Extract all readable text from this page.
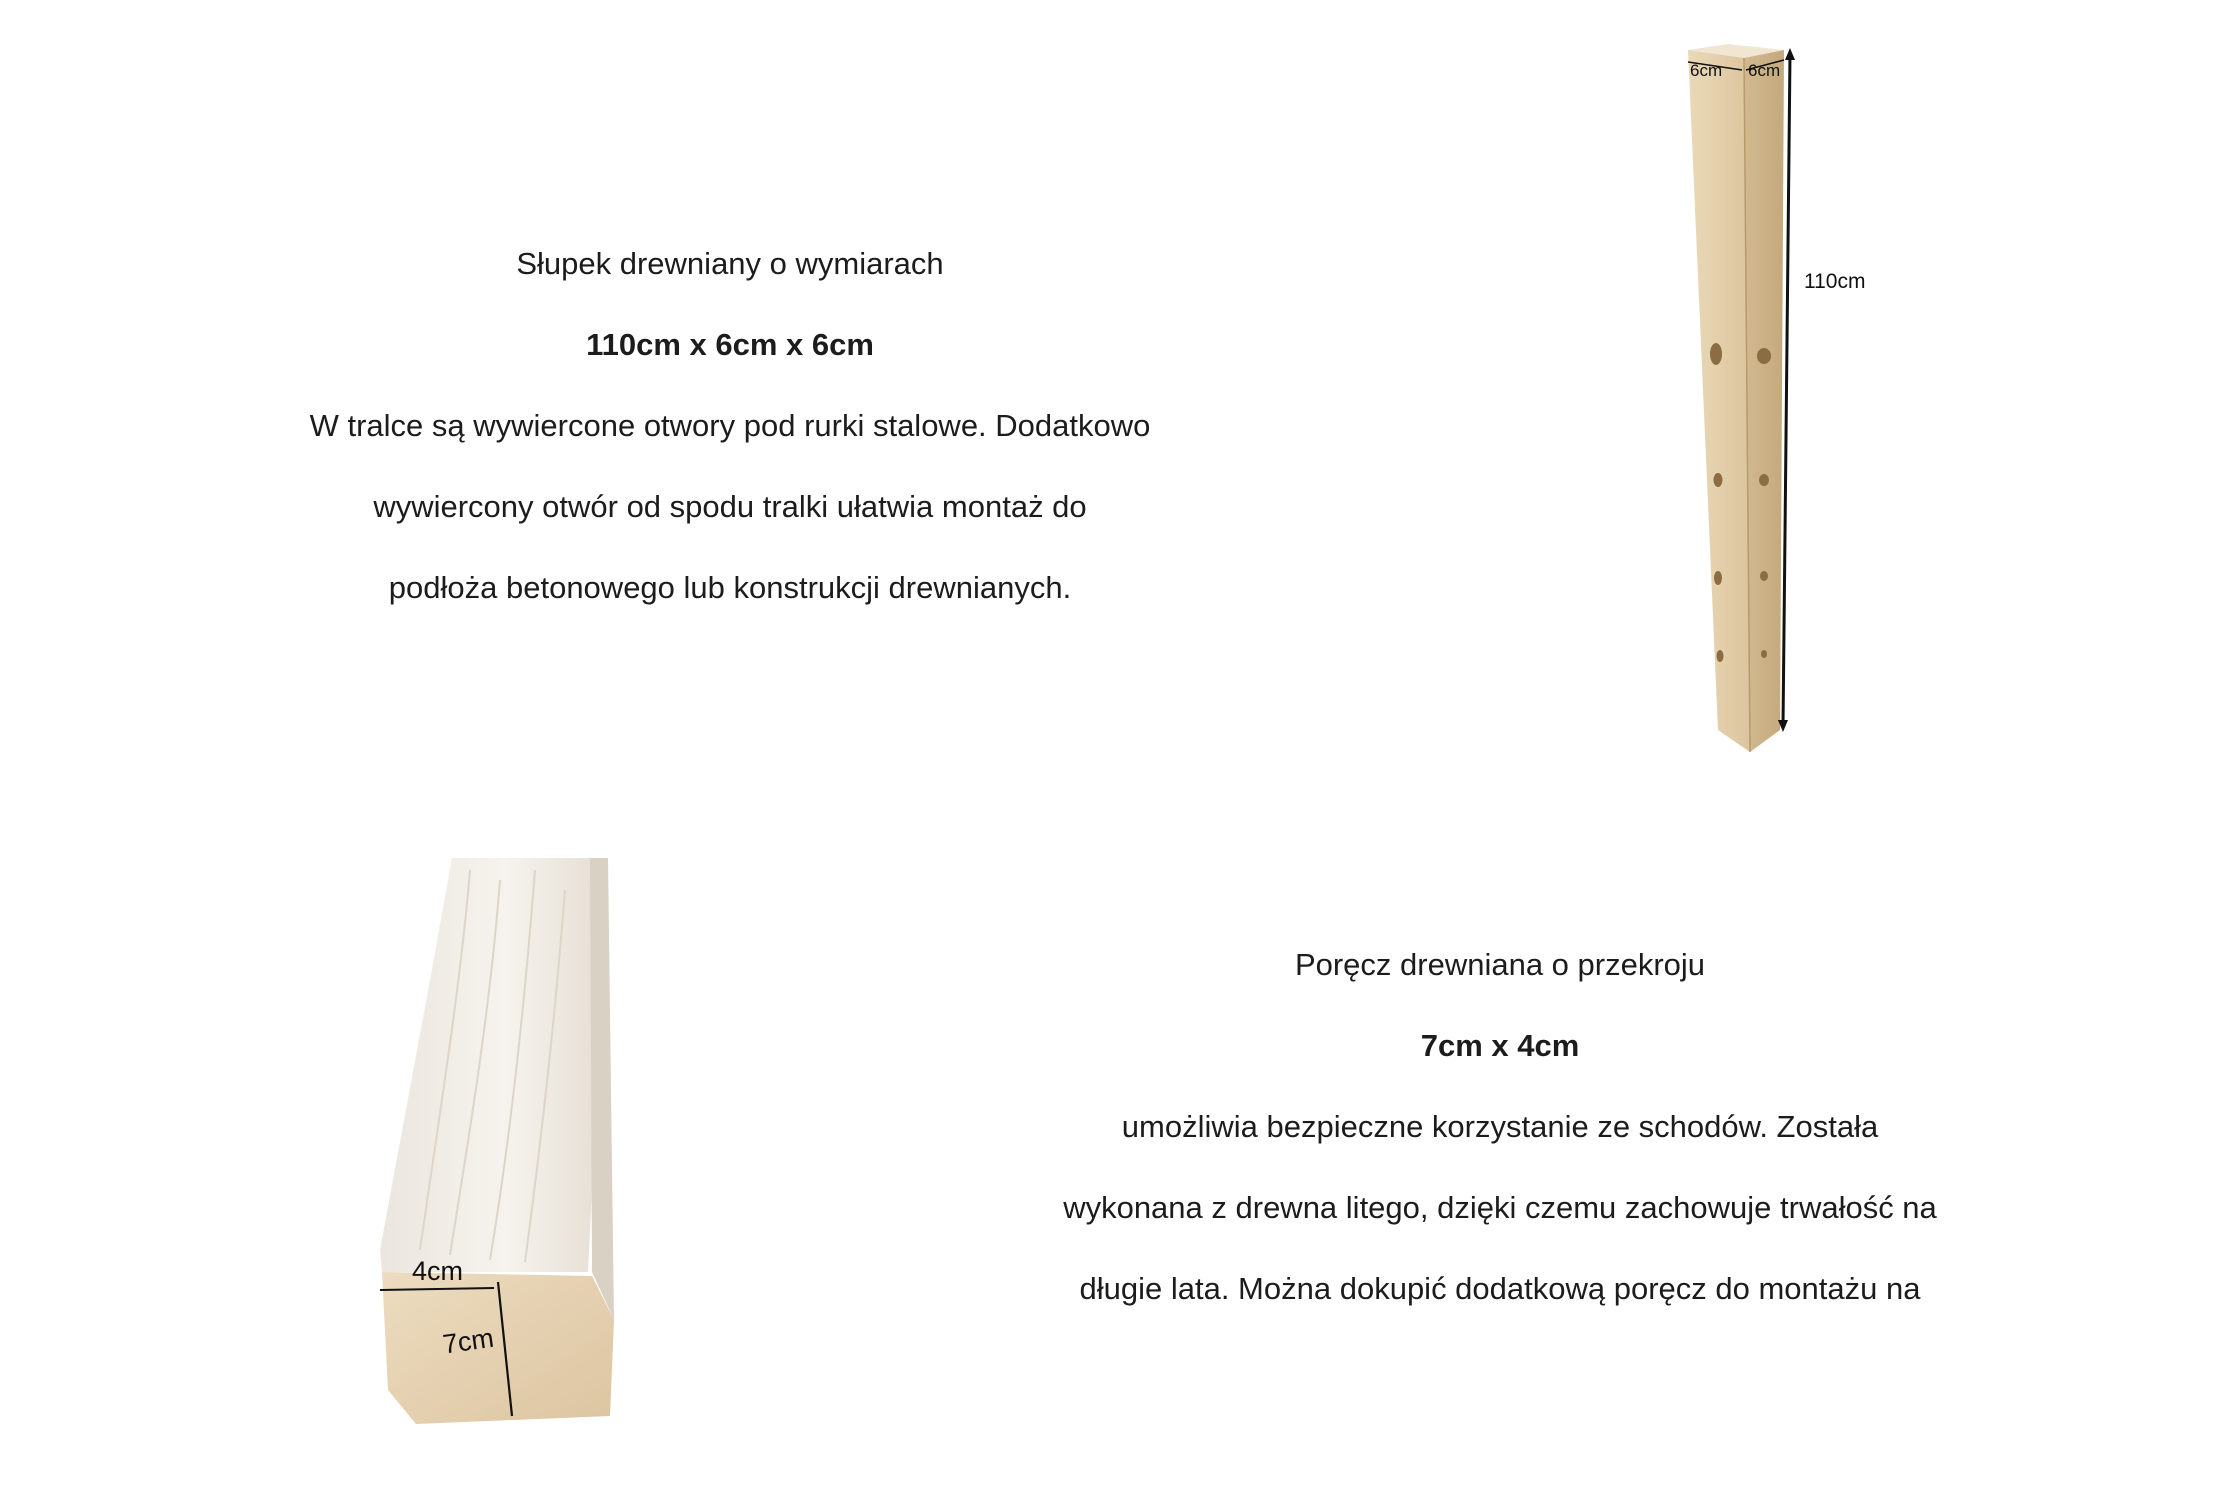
Słupek drewniany o wymiarach

110cm x 6cm x 6cm

W tralce są wywiercone otwory pod rurki stalowe. Dodatkowo

wywiercony otwór od spodu tralki ułatwia montaż do

podłoża betonowego lub konstrukcji drewnianych.

6cm 6cm
110cm
4cm
7cm

Poręcz drewniana o przekroju

7cm x 4cm

umożliwia bezpieczne korzystanie ze schodów. Została

wykonana z drewna litego, dzięki czemu zachowuje trwałość na

długie lata. Można dokupić dodatkową poręcz do montażu na
